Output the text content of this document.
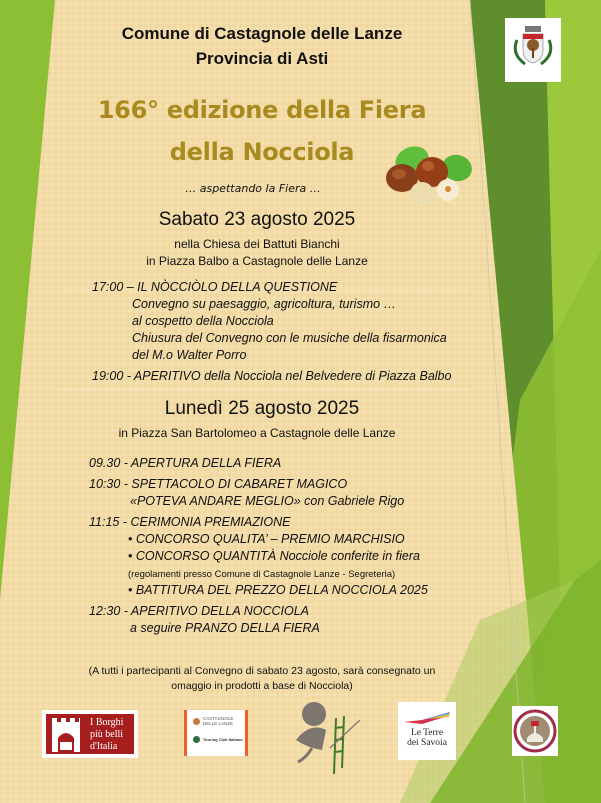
Comune di Castagnole delle Lanze
Provincia di Asti
166° edizione della Fiera
della Nocciola
… aspettando la Fiera …
Sabato 23 agosto 2025
nella Chiesa dei Battuti Bianchi
in Piazza Balbo a Castagnole delle Lanze
17:00 – IL NÒCCIÒLO DELLA QUESTIONE
Convegno su paesaggio, agricoltura, turismo …
al cospetto della Nocciola
Chiusura del Convegno con le musiche della fisarmonica
del M.o Walter Porro
19:00 - APERITIVO della Nocciola nel Belvedere di Piazza Balbo
Lunedì 25 agosto 2025
in Piazza San Bartolomeo a Castagnole delle Lanze
09.30 - APERTURA DELLA FIERA
10:30 - SPETTACOLO DI CABARET MAGICO
«POTEVA ANDARE MEGLIO» con Gabriele Rigo
11:15 - CERIMONIA PREMIAZIONE
• CONCORSO QUALITA’ – PREMIO MARCHISIO
• CONCORSO QUANTITÀ Nocciole conferite in fiera
(regolamenti presso Comune di Castagnole Lanze - Segreteria)
• BATTITURA DEL PREZZO DELLA NOCCIOLA 2025
12:30 - APERITIVO DELLA NOCCIOLA
a seguire PRANZO DELLA FIERA
(A tutti i partecipanti al Convegno di sabato 23 agosto, sarà consegnato un
omaggio in prodotti a base di Nocciola)
I Borghi
più belli
d'Italia
CASTAGNOLE
DELLE LANZE
Touring Club Italiano
Le Terre
dei Savoia
